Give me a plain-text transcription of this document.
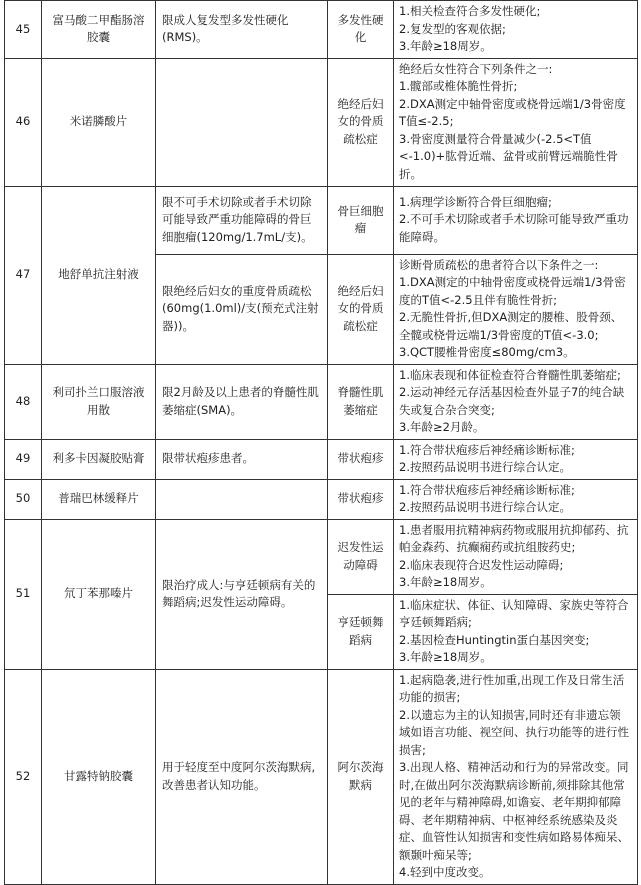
45	富马酸二甲酯肠溶胶囊	限成人复发型多发性硬化(RMS)。	多发性硬化	1.相关检查符合多发性硬化;
2.复发型的客观依据;
3.年龄≥18周岁。

46	米诺膦酸片		绝经后妇女的骨质疏松症	绝经后女性符合下列条件之一:
1.髋部或椎体脆性骨折;
2.DXA测定中轴骨密度或桡骨远端1/3骨密度T值≤-2.5;
3.骨密度测量符合骨量减少(-2.5<T值<-1.0)+肱骨近端、盆骨或前臂远端脆性骨折。

47	地舒单抗注射液	限不可手术切除或者手术切除可能导致严重功能障碍的骨巨细胞瘤(120mg/1.7mL/支)。	骨巨细胞瘤	1.病理学诊断符合骨巨细胞瘤;
2.不可手术切除或者手术切除可能导致严重功能障碍。

		限绝经后妇女的重度骨质疏松(60mg(1.0ml)/支(预充式注射器))。	绝经后妇女的骨质疏松症	诊断骨质疏松的患者符合以下条件之一:
1.DXA测定的中轴骨密度或桡骨远端1/3骨密度的T值<-2.5且伴有脆性骨折;
2.无脆性骨折,但DXA测定的腰椎、股骨颈、全髋或桡骨远端1/3骨密度的T值<-3.0;
3.QCT腰椎骨密度≤80mg/cm3。

48	利司扑兰口服溶液用散	限2月龄及以上患者的脊髓性肌萎缩症(SMA)。	脊髓性肌萎缩症	1.临床表现和体征检查符合脊髓性肌萎缩症;
2.运动神经元存活基因检查外显子7的纯合缺失或复合杂合突变;
3.年龄≥2月龄。

49	利多卡因凝胶贴膏	限带状疱疹患者。	带状疱疹	1.符合带状疱疹后神经痛诊断标准;
2.按照药品说明书进行综合认定。

50	普瑞巴林缓释片		带状疱疹	1.符合带状疱疹后神经痛诊断标准;
2.按照药品说明书进行综合认定。

51	氘丁苯那嗪片	限治疗成人:与亨廷顿病有关的舞蹈病;迟发性运动障碍。	迟发性运动障碍	1.患者服用抗精神病药物或服用抗抑郁药、抗帕金森药、抗癫痫药或抗组胺药史;
2.临床表现符合迟发性运动障碍;
3.年龄≥18周岁。

			亨廷顿舞蹈病	1.临床症状、体征、认知障碍、家族史等符合亨廷顿舞蹈病;
2.基因检查Huntingtin蛋白基因突变;
3.年龄≥18周岁。

52	甘露特钠胶囊	用于轻度至中度阿尔茨海默病,改善患者认知功能。	阿尔茨海默病	1.起病隐袭,进行性加重,出现工作及日常生活功能的损害;
2.以遗忘为主的认知损害,同时还有非遗忘领域如语言功能、视空间、执行功能等的进行性损害;
3.出现人格、精神活动和行为的异常改变。同时,在做出阿尔茨海默病诊断前,须排除其他常见的老年与精神障碍,如谵妄、老年期抑郁障碍、老年期精神病、中枢神经系统感染及炎症、血管性认知损害和变性病如路易体痴呆、额颞叶痴呆等;
4.轻到中度改变。
